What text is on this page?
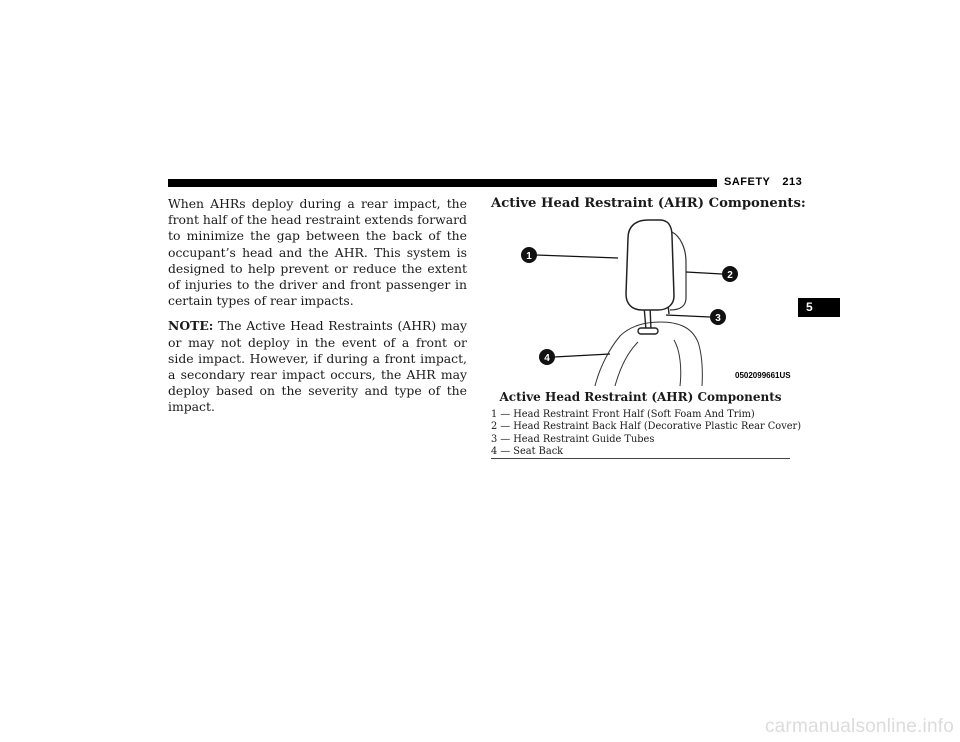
SAFETY 213

When AHRs deploy during a rear impact, the front half of the head restraint extends forward to minimize the gap between the back of the occupant’s head and the AHR. This system is designed to help prevent or reduce the extent of injuries to the driver and front passenger in certain types of rear impacts.

NOTE: The Active Head Restraints (AHR) may or may not deploy in the event of a front or side impact. However, if during a front impact, a secondary rear impact occurs, the AHR may deploy based on the severity and type of the impact.

Active Head Restraint (AHR) Components:
1
2
3
4
0502099661US
Active Head Restraint (AHR) Components
1 — Head Restraint Front Half (Soft Foam And Trim)
2 — Head Restraint Back Half (Decorative Plastic Rear Cover)
3 — Head Restraint Guide Tubes
4 — Seat Back
5
carmanualsonline.info
